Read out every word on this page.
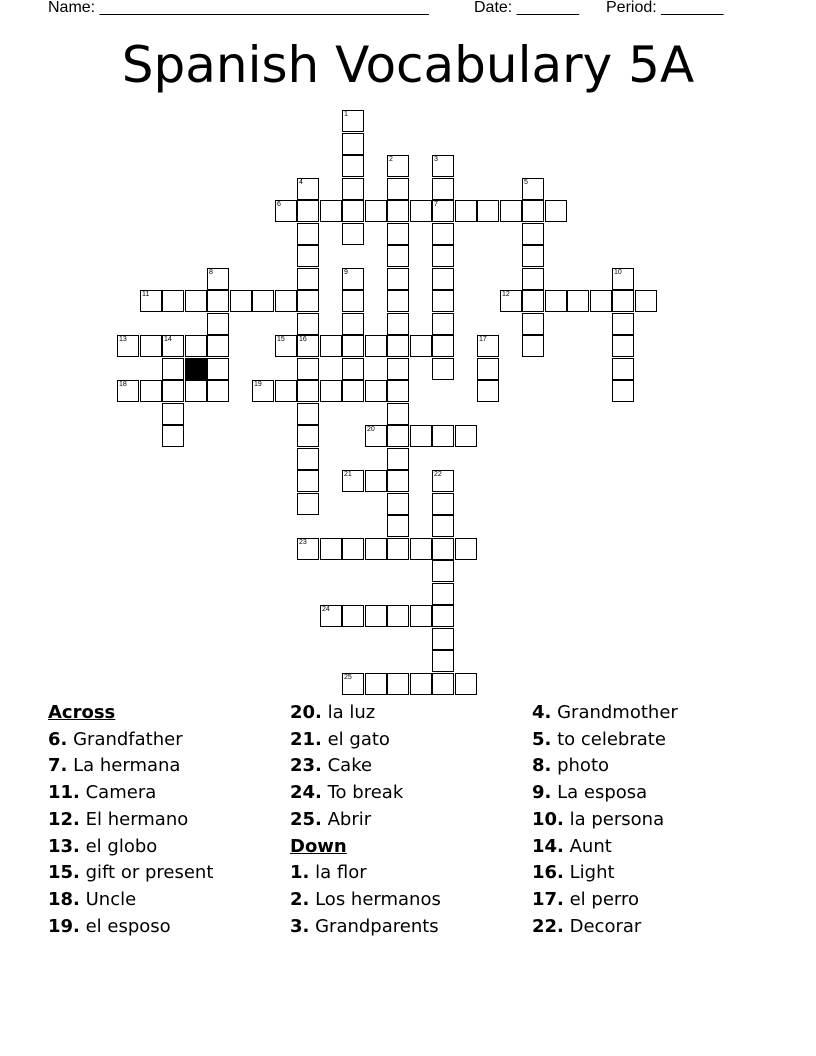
Name: _____________________________________	Date: _______ Period: _______
Spanish Vocabulary 5A
6	7
11	12
13	14	15 16
18	19
20
21
23
24
25
1
2	3
4	5
8	9	10
17
22
Across
6. Grandfather
7. La hermana
11. Camera
12. El hermano
13. el globo
15. gift or present
18. Uncle
19. el esposo
20. la luz
21. el gato
23. Cake
24. To break
25. Abrir
Down
1. la flor
2. Los hermanos
3. Grandparents
4. Grandmother
5. to celebrate
8. photo
9. La esposa
10. la persona
14. Aunt
16. Light
17. el perro
22. Decorar
